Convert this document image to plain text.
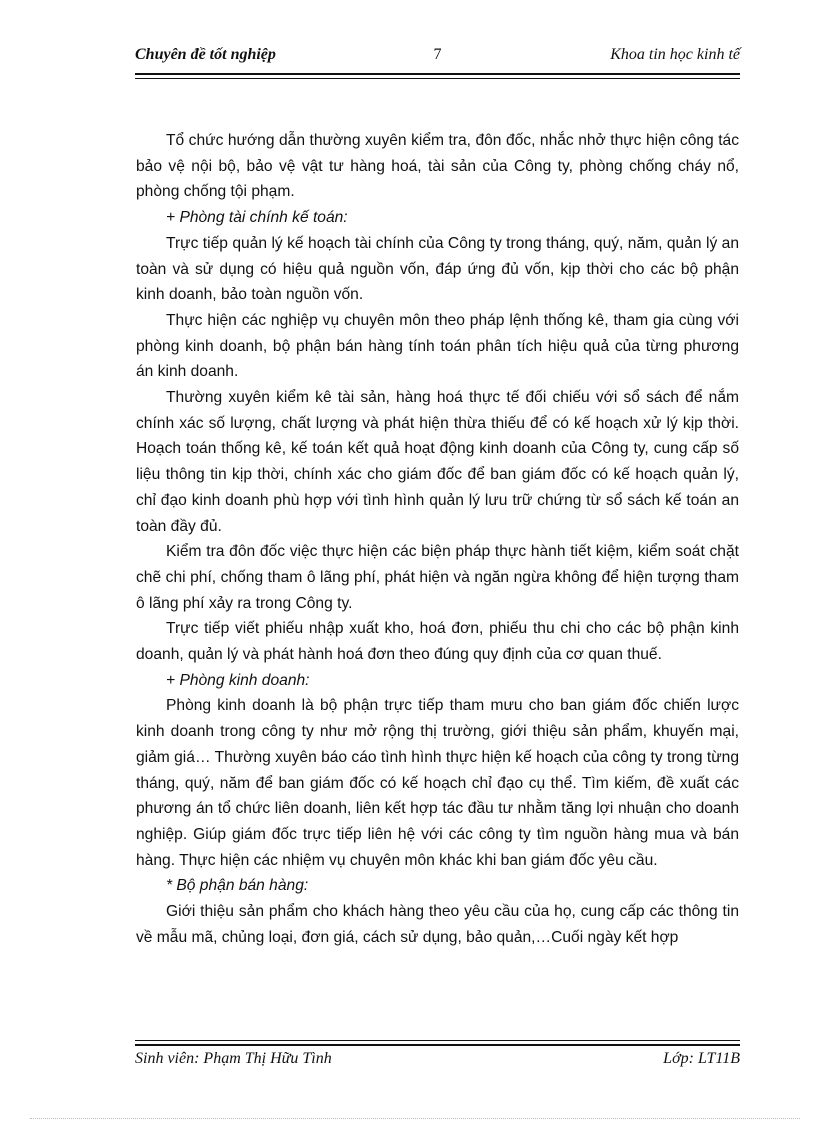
Chuyên đề tốt nghiệp	7	Khoa tin học kinh tế

Tổ chức hướng dẫn thường xuyên kiểm tra, đôn đốc, nhắc nhở thực hiện công tác bảo vệ nội bộ, bảo vệ vật tư hàng hoá, tài sản của Công ty, phòng chống cháy nổ, phòng chống tội phạm.

+ Phòng tài chính kế toán:

Trực tiếp quản lý kế hoạch tài chính của Công ty trong tháng, quý, năm, quản lý an toàn và sử dụng có hiệu quả nguồn vốn, đáp ứng đủ vốn, kịp thời cho các bộ phận kinh doanh, bảo toàn nguồn vốn.

Thực hiện các nghiệp vụ chuyên môn theo pháp lệnh thống kê, tham gia cùng với phòng kinh doanh, bộ phận bán hàng tính toán phân tích hiệu quả của từng phương án kinh doanh.

Thường xuyên kiểm kê tài sản, hàng hoá thực tế đối chiếu với sổ sách để nắm chính xác số lượng, chất lượng và phát hiện thừa thiếu để có kế hoạch xử lý kịp thời. Hoạch toán thống kê, kế toán kết quả hoạt động kinh doanh của Công ty, cung cấp số liệu thông tin kịp thời, chính xác cho giám đốc để ban giám đốc có kế hoạch quản lý, chỉ đạo kinh doanh phù hợp với tình hình quản lý lưu trữ chứng từ sổ sách kế toán an toàn đầy đủ.

Kiểm tra đôn đốc việc thực hiện các biện pháp thực hành tiết kiệm, kiểm soát chặt chẽ chi phí, chống tham ô lãng phí, phát hiện và ngăn ngừa không để hiện tượng tham ô lãng phí xảy ra trong Công ty.

Trực tiếp viết phiếu nhập xuất kho, hoá đơn, phiếu thu chi cho các bộ phận kinh doanh, quản lý và phát hành hoá đơn theo đúng quy định của cơ quan thuế.

+ Phòng kinh doanh:

Phòng kinh doanh là bộ phận trực tiếp tham mưu cho ban giám đốc chiến lược kinh doanh trong công ty như mở rộng thị trường, giới thiệu sản phẩm, khuyến mại, giảm giá… Thường xuyên báo cáo tình hình thực hiện kế hoạch của công ty trong từng tháng, quý, năm để ban giám đốc có kế hoạch chỉ đạo cụ thể. Tìm kiếm, đề xuất các phương án tổ chức liên doanh, liên kết hợp tác đầu tư nhằm tăng lợi nhuận cho doanh nghiệp. Giúp giám đốc trực tiếp liên hệ với các công ty tìm nguồn hàng mua và bán hàng. Thực hiện các nhiệm vụ chuyên môn khác khi ban giám đốc yêu cầu.

* Bộ phận bán hàng:

Giới thiệu sản phẩm cho khách hàng theo yêu cầu của họ, cung cấp các thông tin về mẫu mã, chủng loại, đơn giá, cách sử dụng, bảo quản,…Cuối ngày kết hợp

Sinh viên: Phạm Thị Hữu Tình	Lớp: LT11B
